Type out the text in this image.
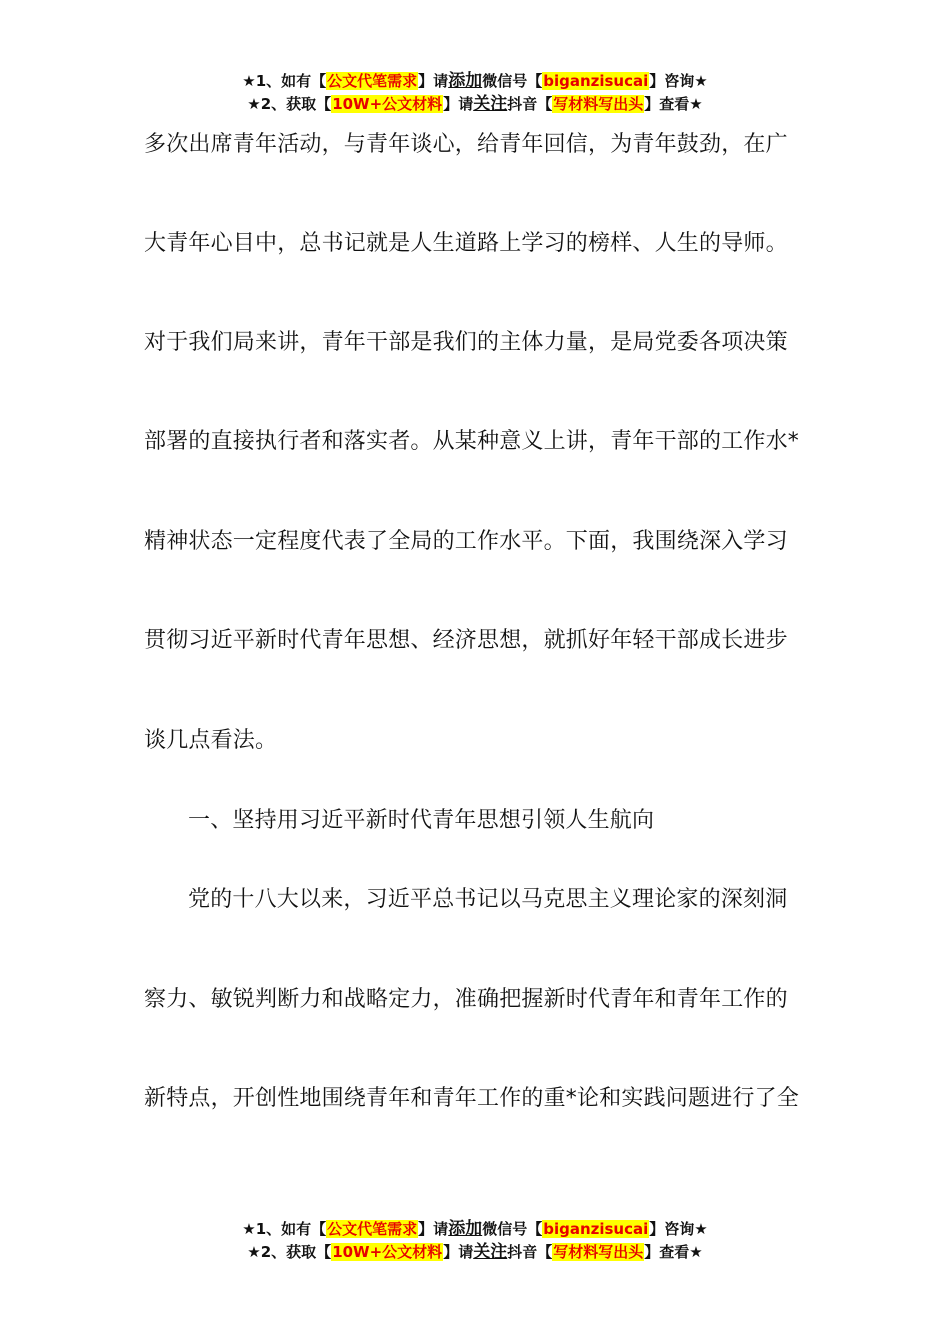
★1、如有【公文代笔需求】请添加微信号【biganzisucai】咨询★
★2、获取【10W+公文材料】请关注抖音【写材料写出头】查看★
多次出席青年活动，与青年谈心，给青年回信，为青年鼓劲，在广
大青年心目中，总书记就是人生道路上学习的榜样、人生的导师。
对于我们局来讲，青年干部是我们的主体力量，是局党委各项决策
部署的直接执行者和落实者。从某种意义上讲，青年干部的工作水*
精神状态一定程度代表了全局的工作水平。下面，我围绕深入学习
贯彻习近平新时代青年思想、经济思想，就抓好年轻干部成长进步
谈几点看法。
一、坚持用习近平新时代青年思想引领人生航向
党的十八大以来，习近平总书记以马克思主义理论家的深刻洞
察力、敏锐判断力和战略定力，准确把握新时代青年和青年工作的
新特点，开创性地围绕青年和青年工作的重*论和实践问题进行了全
★1、如有【公文代笔需求】请添加微信号【biganzisucai】咨询★
★2、获取【10W+公文材料】请关注抖音【写材料写出头】查看★
